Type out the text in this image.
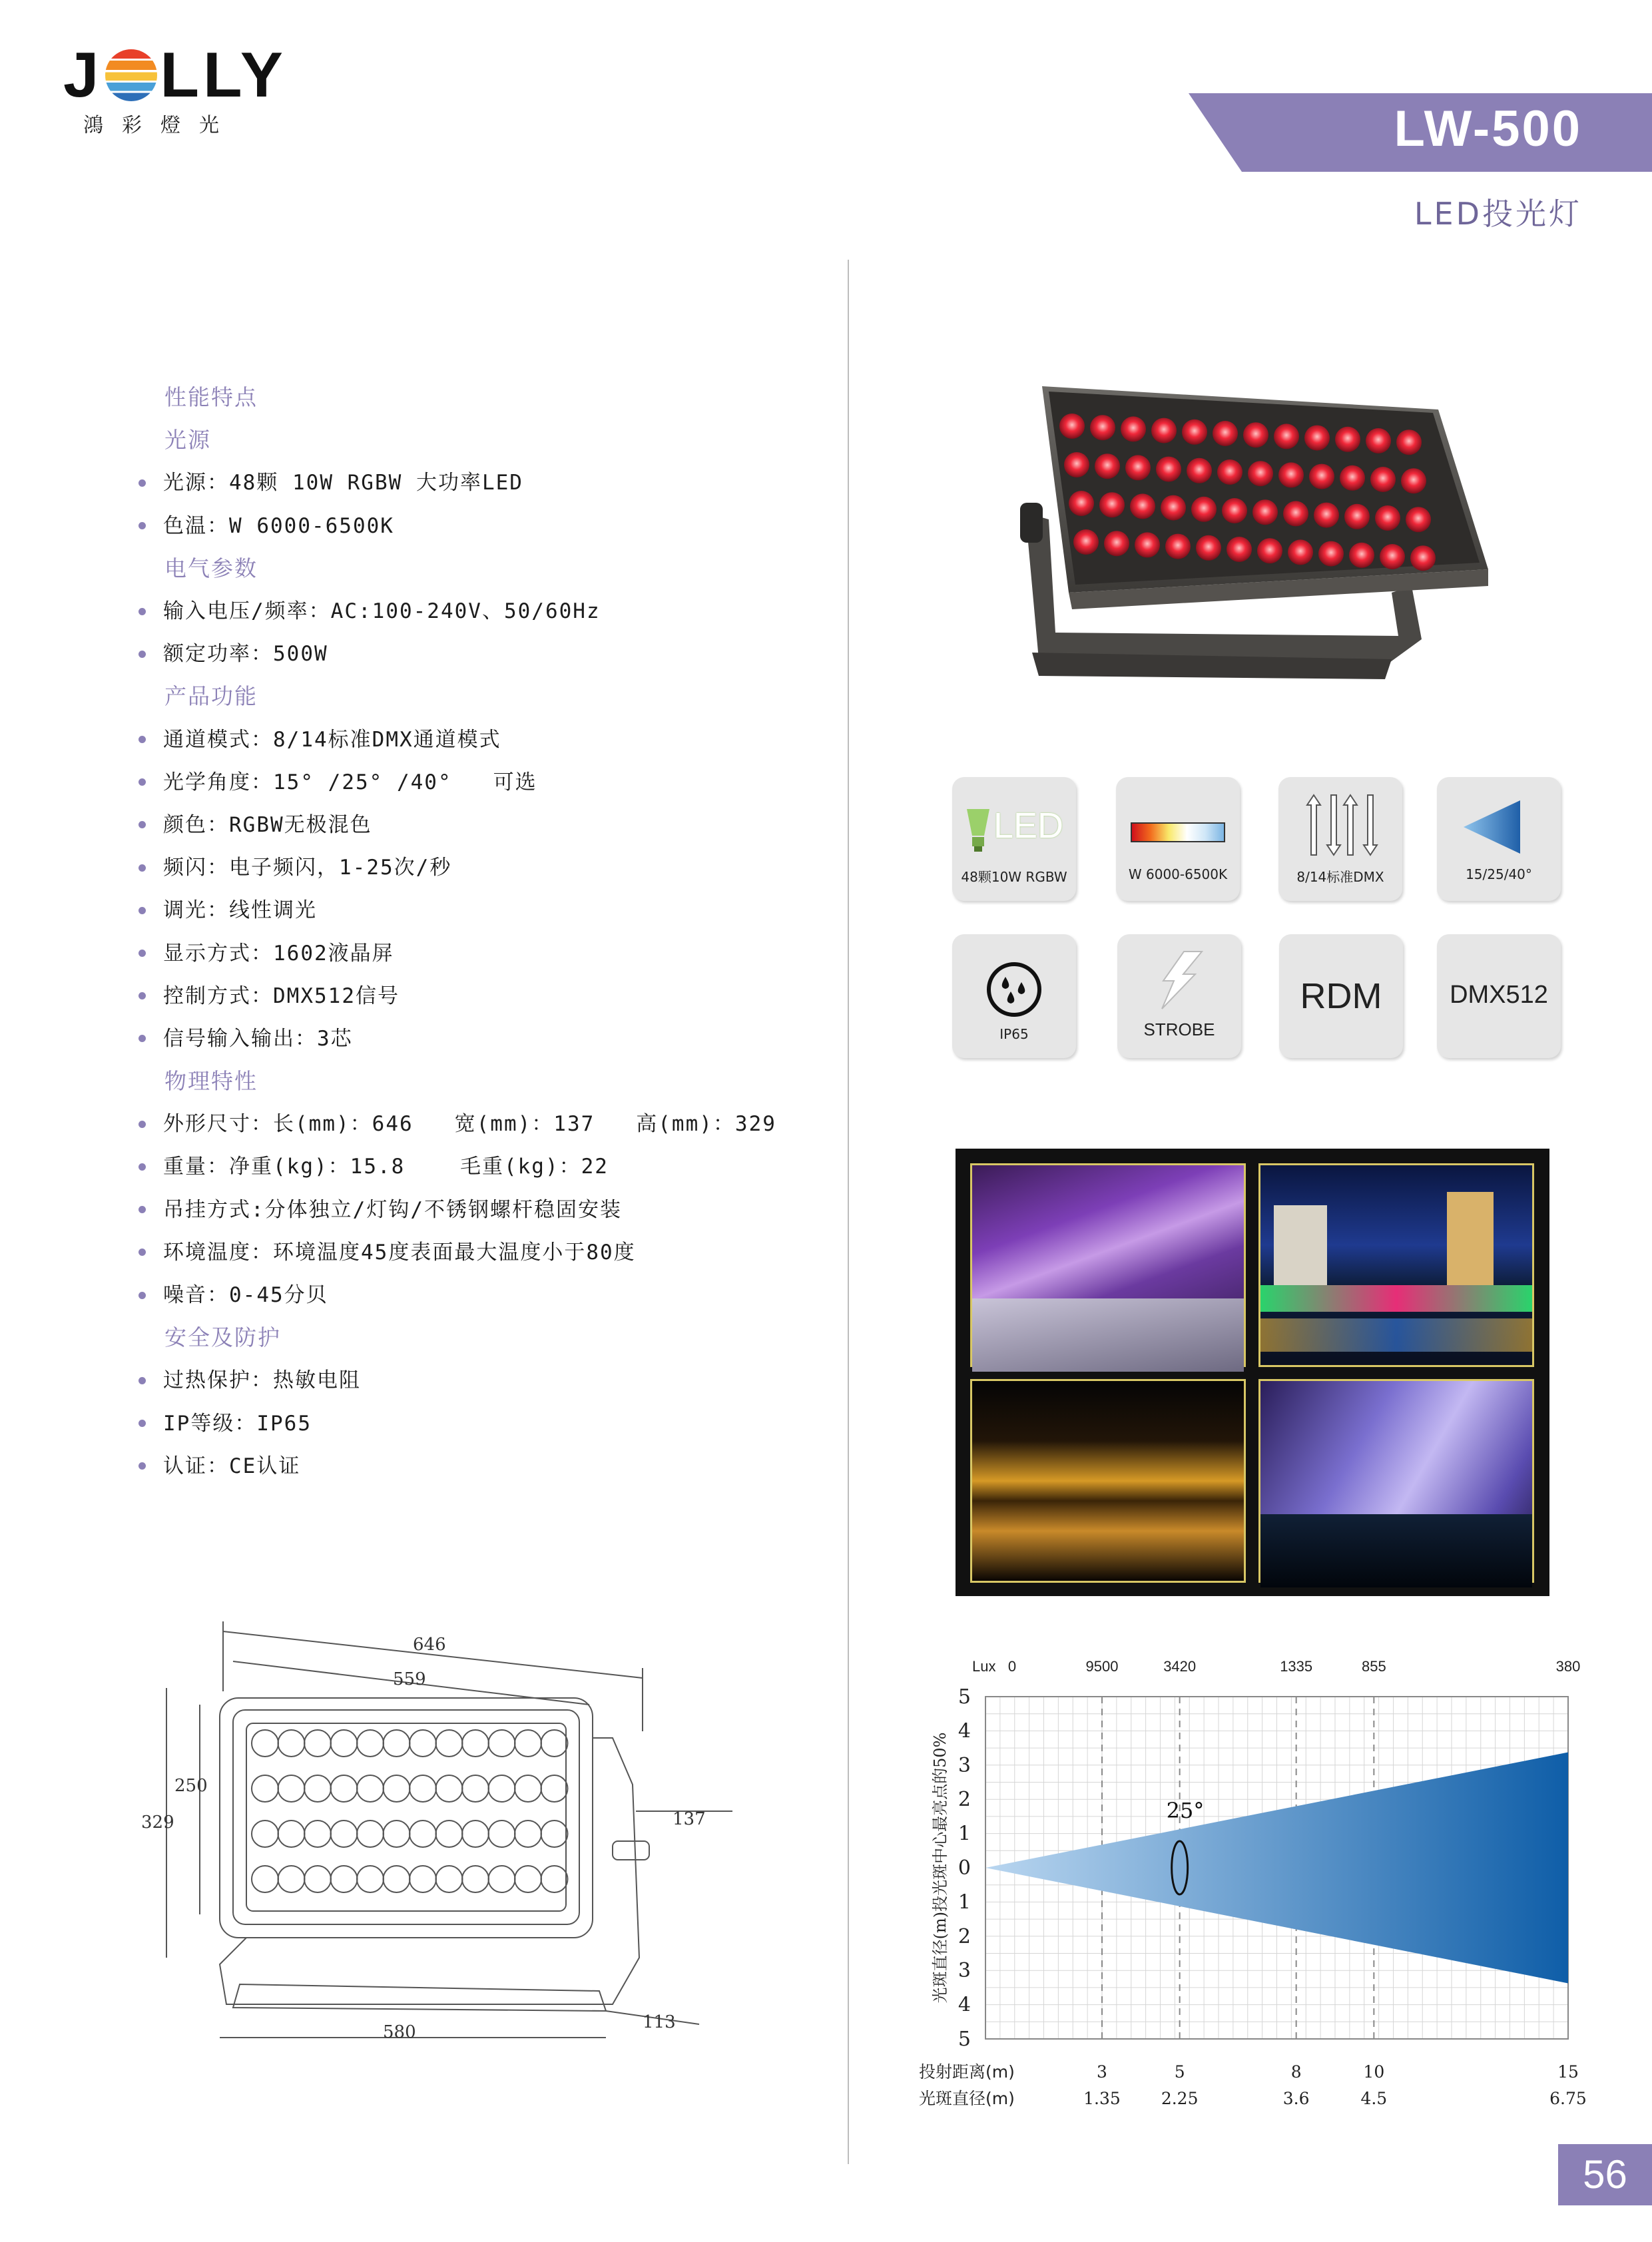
J LLY
鴻彩燈光	LW-500
LED投光灯
性能特点
光源
光源：48颗 10W RGBW 大功率LED
色温：W 6000-6500K
电气参数
输入电压/频率：AC:100-240V、50/60Hz
额定功率：500W
产品功能
通道模式：8/14标准DMX通道模式
光学角度：15° /25° /40°   可选
颜色：RGBW无极混色
频闪：电子频闪，1-25次/秒
调光：线性调光
显示方式：1602液晶屏
控制方式：DMX512信号
信号输入输出：3芯
物理特性
外形尺寸：长(mm)：646   宽(mm)：137   高(mm)：329
重量：净重(kg)：15.8    毛重(kg)：22
吊挂方式:分体独立/灯钩/不锈钢螺杆稳固安装
环境温度：环境温度45度表面最大温度小于80度
噪音：0-45分贝
安全及防护
过热保护：热敏电阻
IP等级：IP65
认证：CE认证
LED
48颗10W RGBW	W 6000-6500K	8/14标准DMX	15/25/40°
IP65	STROBE
RDM	DMX512
646
559
329
250
137
580	113
25°
Lux 0	9500	3420	1335	855	380
5
4
3
2
1
0
1
2
3
4
5
光斑直径(m)投光斑中心最亮点的50%
投射距离(m)
光斑直径(m)
3	5	8	10	15
1.35 2.25	3.6	4.5	6.75
56
